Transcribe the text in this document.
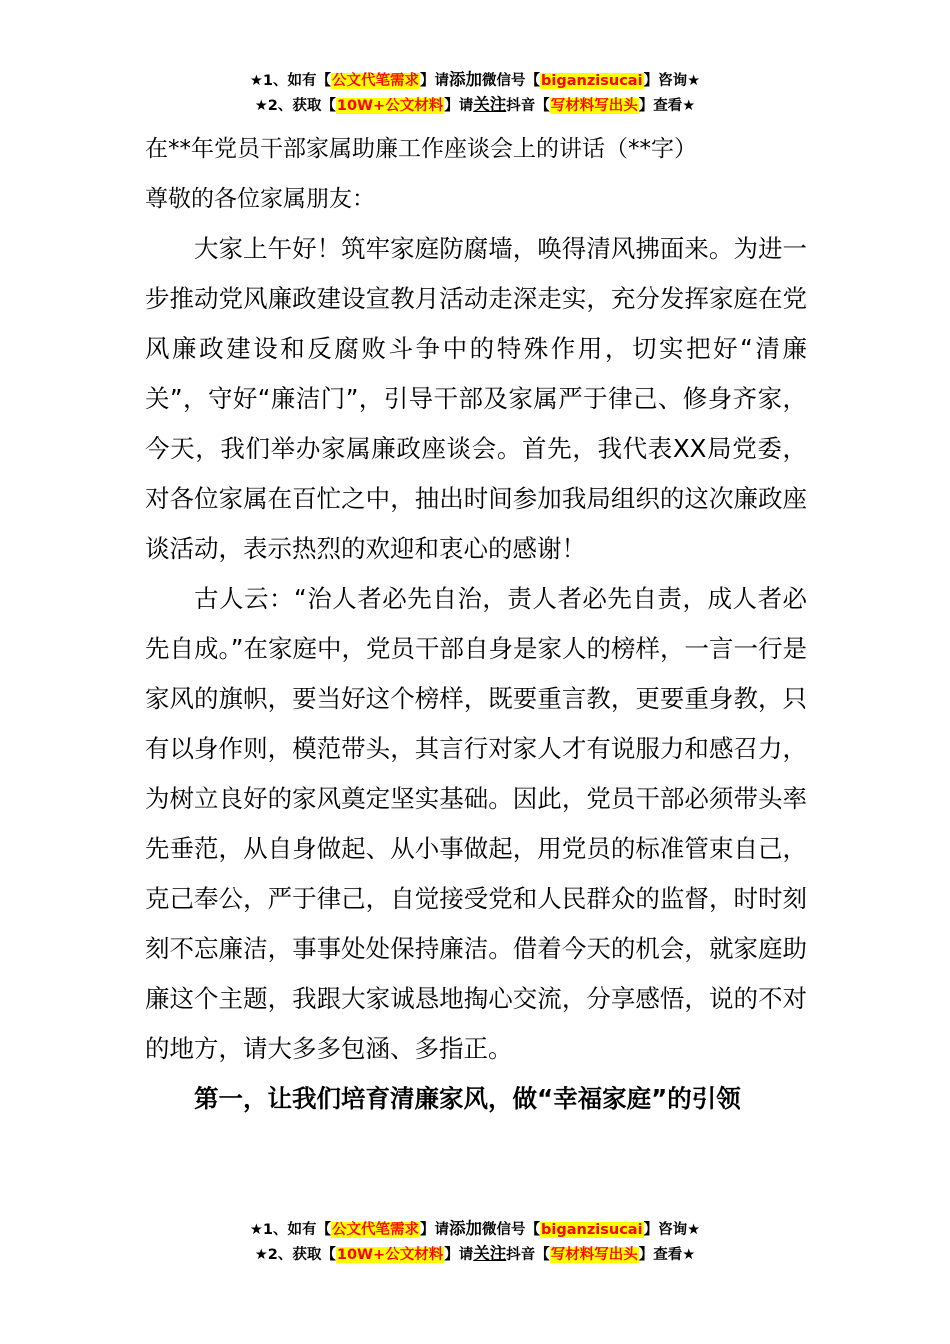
★1、如有【公文代笔需求】请添加微信号【biganzisucai】咨询★
★2、获取【10W+公文材料】请关注抖音【写材料写出头】查看★
在**年党员干部家属助廉工作座谈会上的讲话（**字）
尊敬的各位家属朋友：

大家上午好！筑牢家庭防腐墙，唤得清风拂面来。为进一步推动党风廉政建设宣教月活动走深走实，充分发挥家庭在党风廉政建设和反腐败斗争中的特殊作用，切实把好“清廉关”，守好“廉洁门”，引导干部及家属严于律己、修身齐家，今天，我们举办家属廉政座谈会。首先，我代表XX局党委，对各位家属在百忙之中，抽出时间参加我局组织的这次廉政座谈活动，表示热烈的欢迎和衷心的感谢！

古人云：“治人者必先自治，责人者必先自责，成人者必先自成。”在家庭中，党员干部自身是家人的榜样，一言一行是家风的旗帜，要当好这个榜样，既要重言教，更要重身教，只有以身作则，模范带头，其言行对家人才有说服力和感召力，为树立良好的家风奠定坚实基础。因此，党员干部必须带头率先垂范，从自身做起、从小事做起，用党员的标准管束自己，克己奉公，严于律己，自觉接受党和人民群众的监督，时时刻刻不忘廉洁，事事处处保持廉洁。借着今天的机会，就家庭助廉这个主题，我跟大家诚恳地掏心交流，分享感悟，说的不对的地方，请大多多包涵、多指正。

第一，让我们培育清廉家风，做“幸福家庭”的引领

★1、如有【公文代笔需求】请添加微信号【biganzisucai】咨询★
★2、获取【10W+公文材料】请关注抖音【写材料写出头】查看★
